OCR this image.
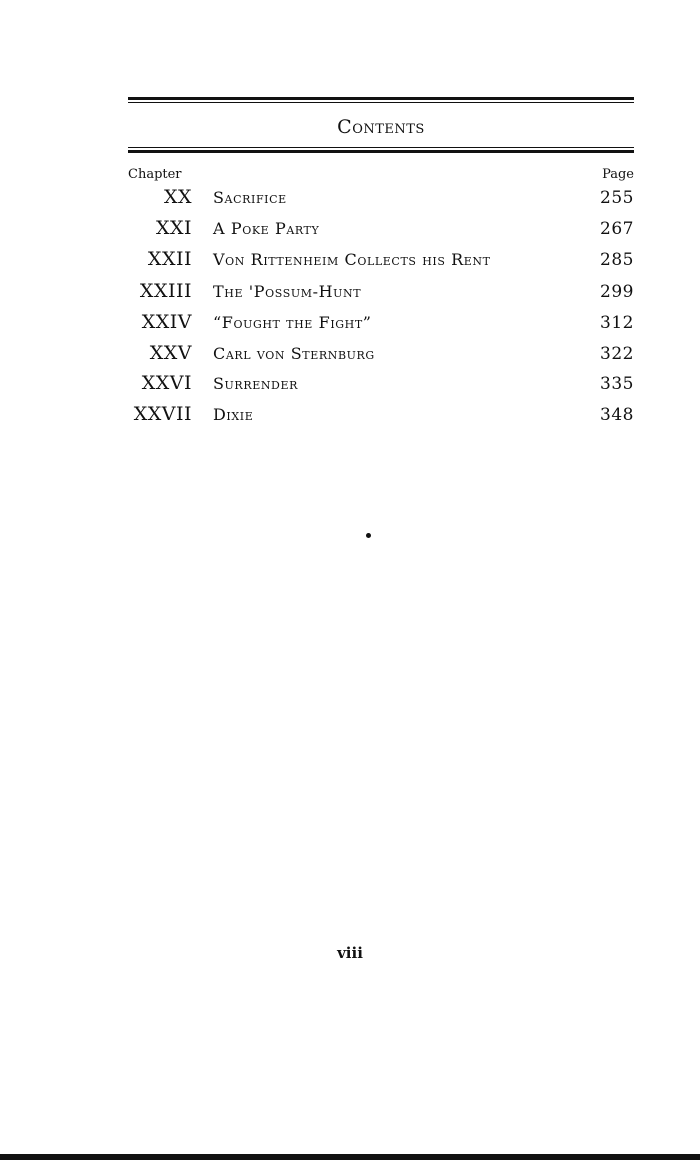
Contents
Chapter	Page
XX Sacrifice	255
XXI A Poke Party	267
XXII Von Rittenheim Collects his Rent	285
XXIII The 'Possum-Hunt	299
XXIV “Fought the Fight”	312
XXV Carl von Sternburg	322
XXVI Surrender	335
XXVII Dixie	348
viii
